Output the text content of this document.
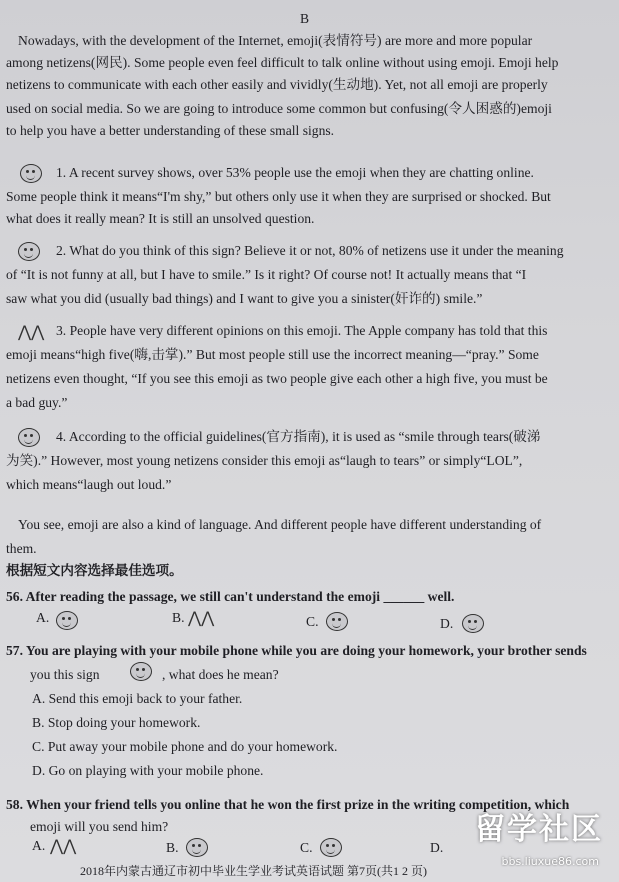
B
Nowadays, with the development of the Internet, emoji(表情符号) are more and more popular
among netizens(网民). Some people even feel difficult to talk online without using emoji. Emoji help
netizens to communicate with each other easily and vividly(生动地). Yet, not all emoji are properly
used on social media. So we are going to introduce some common but confusing(令人困惑的)emoji
to help you have a better understanding of these small signs.
1. A recent survey shows, over 53% people use the emoji when they are chatting online.
Some people think it means“I'm shy,” but others only use it when they are surprised or shocked. But
what does it really mean? It is still an unsolved question.
2. What do you think of this sign? Believe it or not, 80% of netizens use it under the meaning
of “It is not funny at all, but I have to smile.” Is it right? Of course not! It actually means that “I
saw what you did (usually bad things) and I want to give you a sinister(奸诈的) smile.”
⋀⋀ 3. People have very different opinions on this emoji. The Apple company has told that this
emoji means“high five(嗨,击掌).” But most people still use the incorrect meaning—“pray.” Some
netizens even thought, “If you see this emoji as two people give each other a high five, you must be
a bad guy.”
4. According to the official guidelines(官方指南), it is used as “smile through tears(破涕
为笑).” However, most young netizens consider this emoji as“laugh to tears” or simply“LOL”,
which means“laugh out loud.”
You see, emoji are also a kind of language. And different people have different understanding of
them.
根据短文内容选择最佳选项。
56. After reading the passage, we still can't understand the emoji ______ well.
A.	B. ⋀⋀	C.	D.
57. You are playing with your mobile phone while you are doing your homework, your brother sends
you this sign	, what does he mean?
A. Send this emoji back to your father.
B. Stop doing your homework.
C. Put away your mobile phone and do your homework.
D. Go on playing with your mobile phone.
58. When your friend tells you online that he won the first prize in the writing competition, which
emoji will you send him?
A. ⋀⋀	B.	C.	D.
2018年内蒙古通辽市初中毕业生学业考试英语试题 第7页(共1 2 页)
留学社区
bbs.liuxue86.com
